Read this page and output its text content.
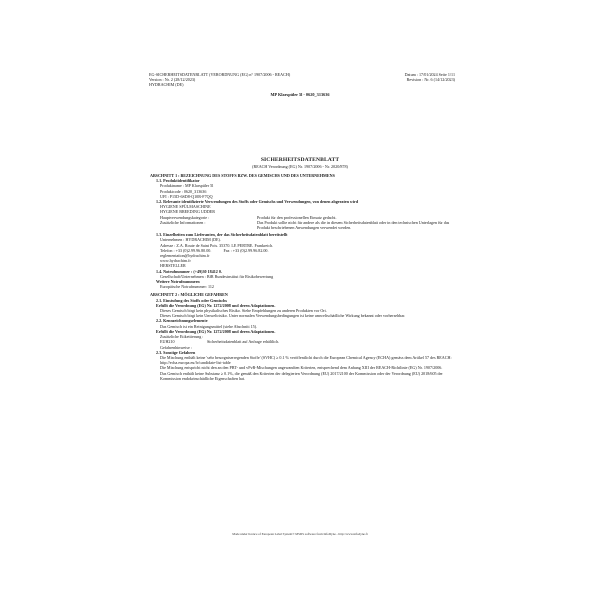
EG-SICHERHEITSDATENBLATT (VERORDNUNG (EG) n° 1907/2006 - REACH)
Version : Nr. 2 (28/12/2023)
HYDRACHIM (DE)
Datum : 17/01/2024 Seite 1/11
Revision : Nr. 6 (14/12/2023)
MP Klarspüler 5l - 0620_313636
SICHERHEITSDATENBLATT
(REACH Verordnung (EG) Nr. 1907/2006 - Nr. 2020/878)
ABSCHNITT 1 : BEZEICHNUNG DES STOFFS BZW. DES GEMISCHS UND DES UNTERNEHMENS
1.1. Produktidentifikator
Produktname : MP Klarspüler 5l
Produktcode : 0620_313636
UFI : P15D-6SD8-Q10R-F7QQ
1.2. Relevante identifizierte Verwendungen des Stoffs oder Gemischs und Verwendungen, von denen abgeraten wird
HYGIENE SPÜLMASCHINE
HYGIENE BREEDING UDDER
Hauptverwendungskategorie :	Produkt für den professionellen Einsatz gedacht.
Zusätzliche Informationen :	Das Produkt sollte nicht für andere als die in diesem Sicherheitsdatenblatt oder in den technischen Unterlagen für das Produkt beschriebenen Anwendungen verwendet werden.
1.3. Einzelheiten zum Lieferanten, der das Sicherheitsdatenblatt bereitstellt
Unternehmen : HYDRACHIM (DE).
Adresse : Z.A. Route de Saint Pois. 35370. LE PERTRE. Frankreich.
Telefon : +33 (0)2.99.96.80.00.	Fax : +33 (0)2.99.96.82.00.
reglementation@hydrachim.fr
www.hydrachim.fr
HERSTELLER
1.4. Notrufnummer : (+49)30 18412 0.
Gesellschaft/Unternehmen : BfR Bundesinstitut für Risikobewertung
Weitere Notrufnummern
Europäische Notrufnummer: 112
ABSCHNITT 2 : MÖGLICHE GEFAHREN
2.1. Einstufung des Stoffs oder Gemischs
Erfüllt die Verordnung (EG) Nr. 1272/2008 und deren Adaptationen.
Dieses Gemisch birgt kein physikalisches Risiko. Siehe Empfehlungen zu anderen Produkten vor Ort.
Dieses Gemisch birgt kein Umweltrisiko. Unter normalen Verwendungsbedingungen ist keine umweltschädliche Wirkung bekannt oder vorhersehbar.
2.2. Kennzeichnungselemente
Das Gemisch ist ein Reinigungsmittel (siehe Abschnitt 15).
Erfüllt die Verordnung (EG) Nr. 1272/2008 und deren Adaptationen.
Zusätzliche Etikettierung :
EUH210	Sicherheitsdatenblatt auf Anfrage erhältlich.
Gefahrenhinweise :
2.3. Sonstige Gefahren
Die Mischung enthält keine 'sehr besorgniserregenden Stoffe' (SVHC) ≥ 0.1 % veröffentlicht durch die European Chemical Agency (ECHA) gemäss dem Artikel 57 des REACH: http://echa.europa.eu/fr/candidate-list-table
Die Mischung entspricht nicht den an den PBT- und vPvB-Mischungen angewandten Kriterien, entsprechend dem Anhang XIII der REACH-Richtlinie (EG) Nr. 1907/2006.
Das Gemisch enthält keine Substanz ≥ 0.1%, die gemäß den Kriterien der delegierten Verordnung (EU) 2017/2100 der Kommission oder der Verordnung (EU) 2018/605 der Kommission endokrinschädliche Eigenschaften hat.
Made under licence of European Label System® MSDS software from InfoDyne - http://www.infodyne.fr
